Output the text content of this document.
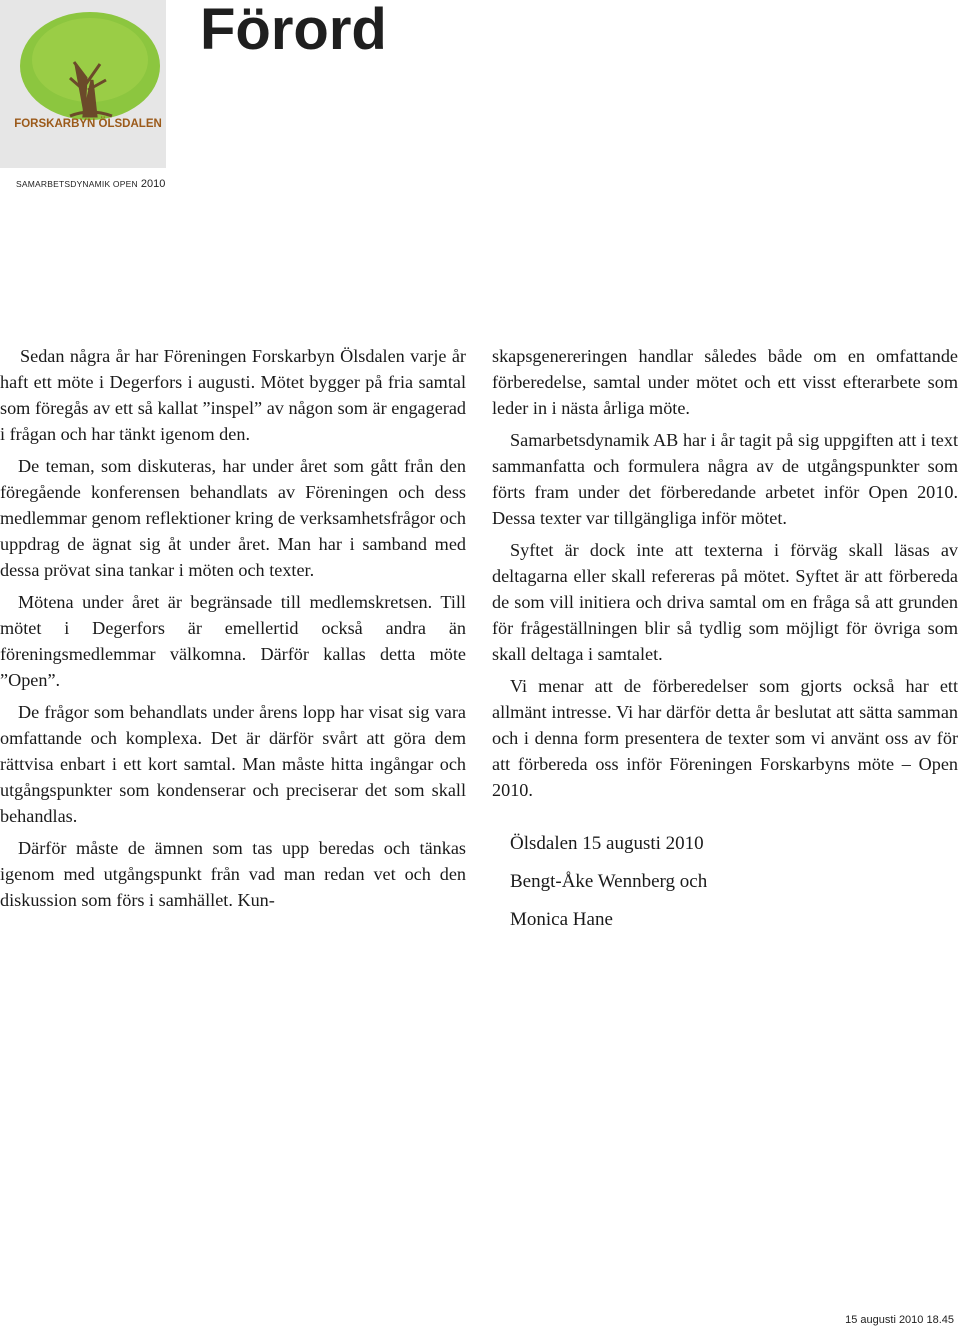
FORSKARBYN ÖLSDALEN
Förord
SAMARBETSDYNAMIK OPEN 2010

Sedan några år har Föreningen Forskarbyn Ölsdalen varje år haft ett möte i Degerfors i augusti. Mötet bygger på fria samtal som föregås av ett så kallat ”inspel” av någon som är engagerad i frågan och har tänkt igenom den.

De teman, som diskuteras, har under året som gått från den föregående konferensen behandlats av Föreningen och dess medlemmar genom reflektioner kring de verksamhetsfrågor och uppdrag de ägnat sig åt under året. Man har i samband med dessa prövat sina tankar i möten och texter.

Mötena under året är begränsade till medlemskretsen. Till mötet i Degerfors är emellertid också andra än föreningsmedlemmar välkomna. Därför kallas detta möte ”Open”.

De frågor som behandlats under årens lopp har visat sig vara omfattande och komplexa. Det är därför svårt att göra dem rättvisa enbart i ett kort samtal. Man måste hitta ingångar och utgångspunkter som kondenserar och preciserar det som skall behandlas.

Därför måste de ämnen som tas upp beredas och tänkas igenom med utgångspunkt från vad man redan vet och den diskussion som förs i samhället. Kun-

skapsgenereringen handlar således både om en omfattande förberedelse, samtal under mötet och ett visst efterarbete som leder in i nästa årliga möte.

Samarbetsdynamik AB har i år tagit på sig uppgiften att i text sammanfatta och formulera några av de utgångspunkter som förts fram under det förberedande arbetet inför Open 2010. Dessa texter var tillgängliga inför mötet.

Syftet är dock inte att texterna i förväg skall läsas av deltagarna eller skall refereras på mötet. Syftet är att förbereda de som vill initiera och driva samtal om en fråga så att grunden för frågeställningen blir så tydlig som möjligt för övriga som skall deltaga i samtalet.

Vi menar att de förberedelser som gjorts också har ett allmänt intresse. Vi har därför detta år beslutat att sätta samman och i denna form presentera de texter som vi använt oss av för att förbereda oss inför Föreningen Forskarbyns möte – Open 2010.

Ölsdalen 15 augusti 2010
Bengt-Åke Wennberg och
Monica Hane
15 augusti 2010 18.45
